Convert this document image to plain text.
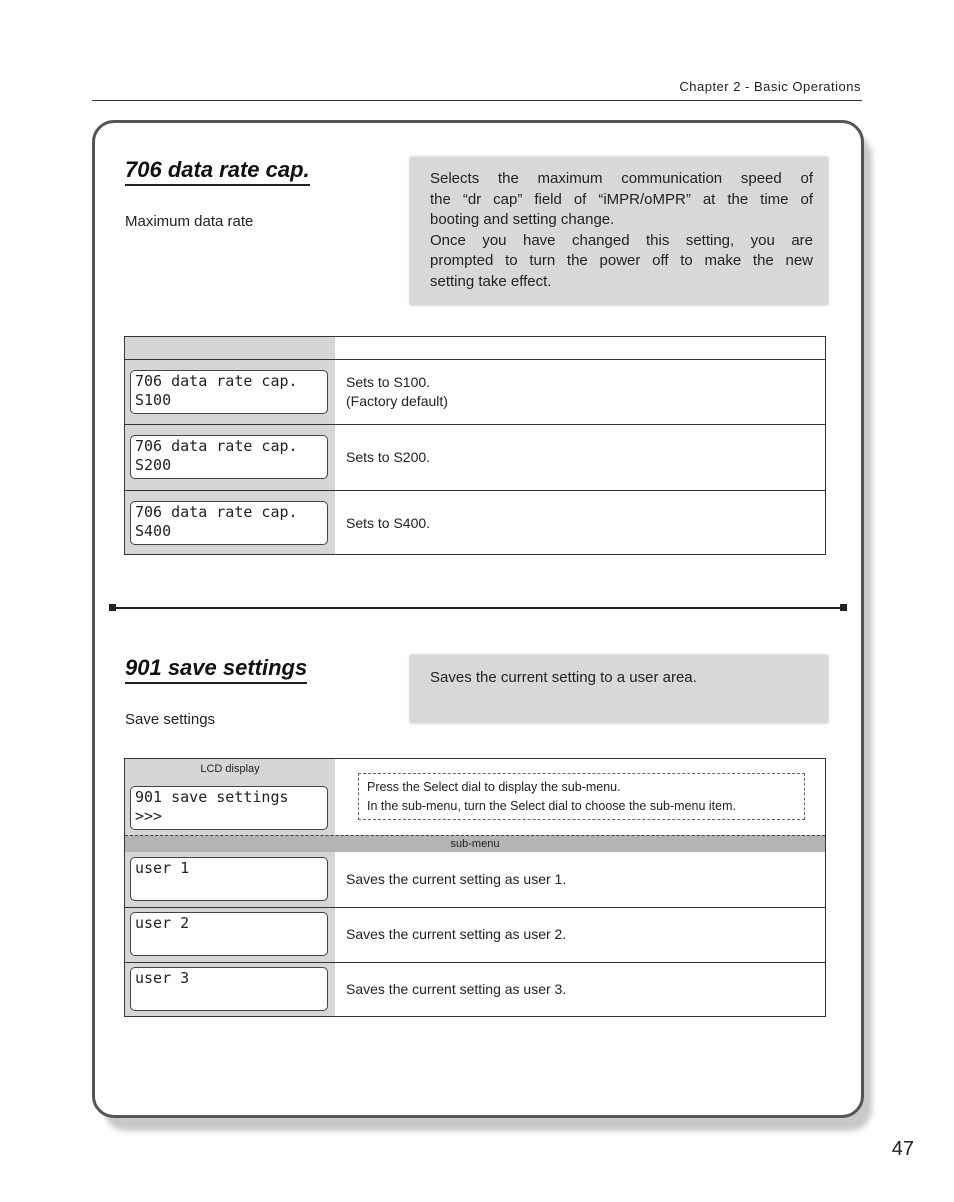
Chapter 2 - Basic Operations
706 data rate cap.
Maximum data rate
Selects the maximum communication speed of
the “dr cap” field of “iMPR/oMPR” at the time of
booting and setting change.
Once you have changed this setting, you are
prompted to turn the power off to make the new
setting take effect.
706 data rate cap.
S100
Sets to S100.
(Factory default)
706 data rate cap.
S200	Sets to S200.
706 data rate cap.
S400	Sets to S400.
901 save settings
Save settings
Saves the current setting to a user area.
LCD display
901 save settings
>>>
Press the Select dial to display the sub-menu.
In the sub-menu, turn the Select dial to choose the sub-menu item.
sub-menu
user 1
Saves the current setting as user 1.
user 2
Saves the current setting as user 2.
user 3
Saves the current setting as user 3.
47
